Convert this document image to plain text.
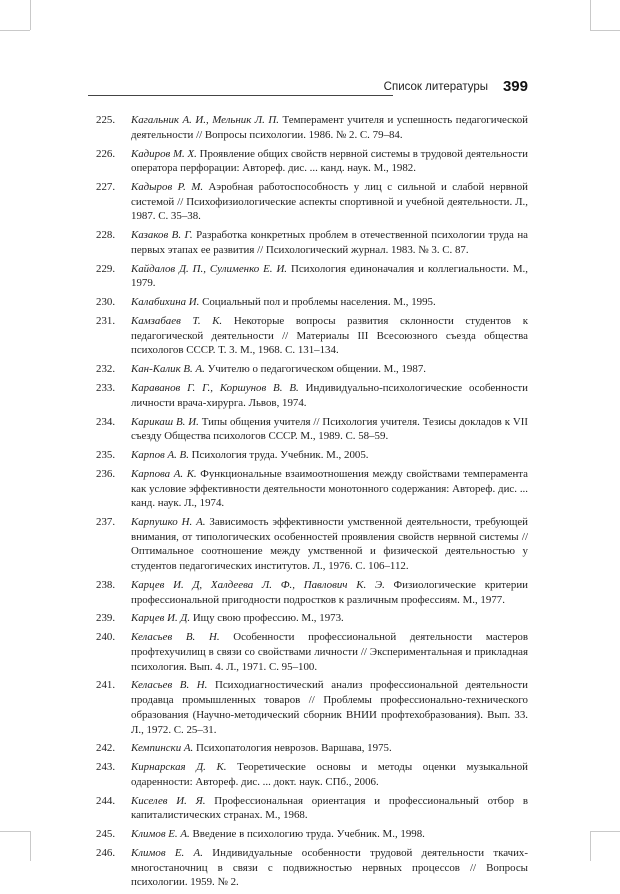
Список литературы 399
225.	Кагальник А. И., Мельник Л. П. Темперамент учителя и успешность педагогической деятельности // Вопросы психологии. 1986. № 2. С. 79–84.
226.	Кадиров М. Х. Проявление общих свойств нервной системы в трудовой деятельности оператора перфорации: Автореф. дис. ... канд. наук. М., 1982.
227.	Кадыров Р. М. Аэробная работоспособность у лиц с сильной и слабой нервной системой // Психофизиологические аспекты спортивной и учебной деятельности. Л., 1987. С. 35–38.
228.	Казаков В. Г. Разработка конкретных проблем в отечественной психологии труда на первых этапах ее развития // Психологический журнал. 1983. № 3. С. 87.
229.	Кайдалов Д. П., Сулименко Е. И. Психология единоначалия и коллегиальности. М., 1979.
230.	Калабихина И. Социальный пол и проблемы населения. М., 1995.
231.	Камзабаев Т. К. Некоторые вопросы развития склонности студентов к педагогической деятельности // Материалы III Всесоюзного съезда общества психологов СССР. Т. 3. М., 1968. С. 131–134.
232.	Кан-Калик В. А. Учителю о педагогическом общении. М., 1987.
233.	Караванов Г. Г., Коршунов В. В. Индивидуально-психологические особенности личности врача-хирурга. Львов, 1974.
234.	Карикаш В. И. Типы общения учителя // Психология учителя. Тезисы докладов к VII съезду Общества психологов СССР. М., 1989. С. 58–59.
235.	Карпов А. В. Психология труда. Учебник. М., 2005.
236.	Карпова А. К. Функциональные взаимоотношения между свойствами темперамента как условие эффективности деятельности монотонного содержания: Автореф. дис. ... канд. наук. Л., 1974.
237.	Карпушко Н. А. Зависимость эффективности умственной деятельности, требующей внимания, от типологических особенностей проявления свойств нервной системы // Оптимальное соотношение между умственной и физической деятельностью у студентов педагогических институтов. Л., 1976. С. 106–112.
238.	Карцев И. Д, Халдеева Л. Ф., Павлович К. Э. Физиологические критерии профессиональной пригодности подростков к различным профессиям. М., 1977.
239.	Карцев И. Д. Ищу свою профессию. М., 1973.
240.	Келасьев В. Н. Особенности профессиональной деятельности мастеров профтехучилищ в связи со свойствами личности // Экспериментальная и прикладная психология. Вып. 4. Л., 1971. С. 95–100.
241.	Келасьев В. Н. Психодиагностический анализ профессиональной деятельности продавца промышленных товаров // Проблемы профессионально-технического образования (Научно-методический сборник ВНИИ профтехобразования). Вып. 33. Л., 1972. С. 25–31.
242.	Кемпински А. Психопатология неврозов. Варшава, 1975.
243.	Кирнарская Д. К. Теоретические основы и методы оценки музыкальной одаренности: Автореф. дис. ... докт. наук. СПб., 2006.
244.	Киселев И. Я. Профессиональная ориентация и профессиональный отбор в капиталистических странах. М., 1968.
245.	Климов Е. А. Введение в психологию труда. Учебник. М., 1998.
246.	Климов Е. А. Индивидуальные особенности трудовой деятельности ткачих-многостаночниц в связи с подвижностью нервных процессов // Вопросы психологии. 1959. № 2.
